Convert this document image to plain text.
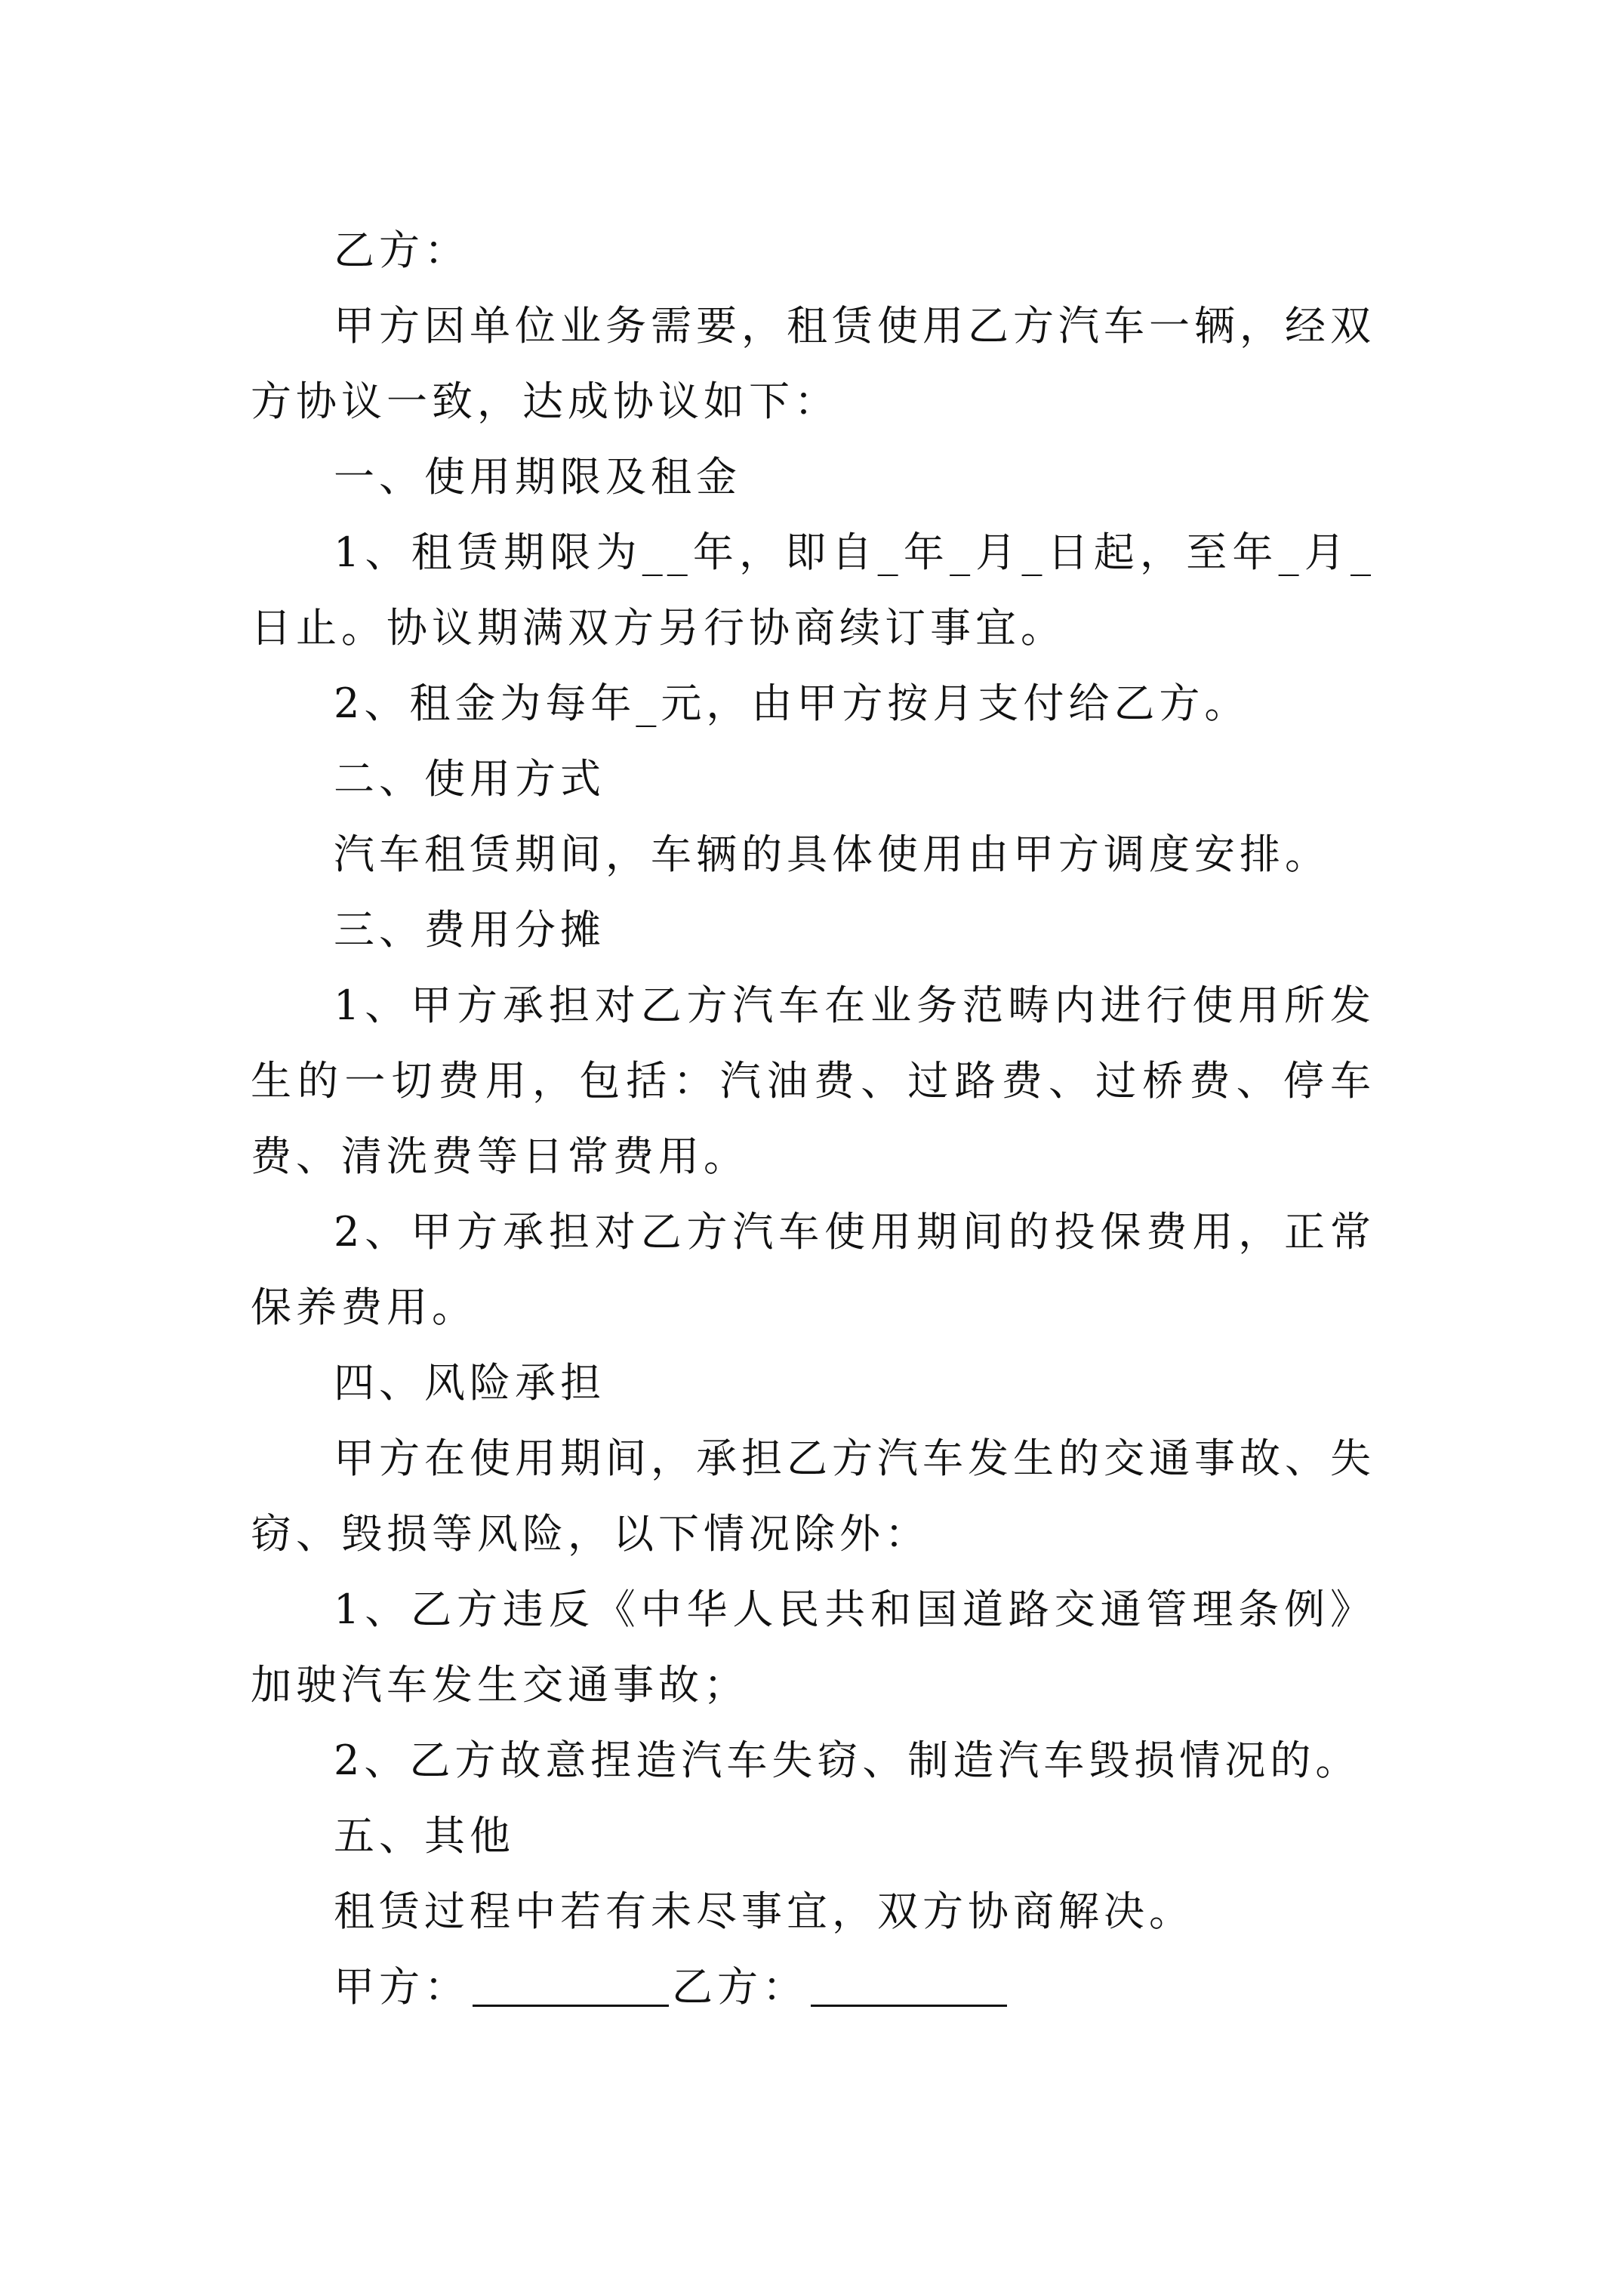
乙方：

甲方因单位业务需要，租赁使用乙方汽车一辆，经双方协议一致，达成协议如下：

一、使用期限及租金

1、租赁期限为__年，即自_年_月_日起，至年_月_日止。协议期满双方另行协商续订事宜。

2、租金为每年_元，由甲方按月支付给乙方。

二、使用方式

汽车租赁期间，车辆的具体使用由甲方调度安排。

三、费用分摊

1、甲方承担对乙方汽车在业务范畴内进行使用所发生的一切费用，包括：汽油费、过路费、过桥费、停车费、清洗费等日常费用。

2、甲方承担对乙方汽车使用期间的投保费用，正常保养费用。

四、风险承担

甲方在使用期间，承担乙方汽车发生的交通事故、失窃、毁损等风险，以下情况除外：

1、乙方违反《中华人民共和国道路交通管理条例》加驶汽车发生交通事故；

2、乙方故意捏造汽车失窃、制造汽车毁损情况的。

五、其他

租赁过程中若有未尽事宜，双方协商解决。

甲方：	乙方：
